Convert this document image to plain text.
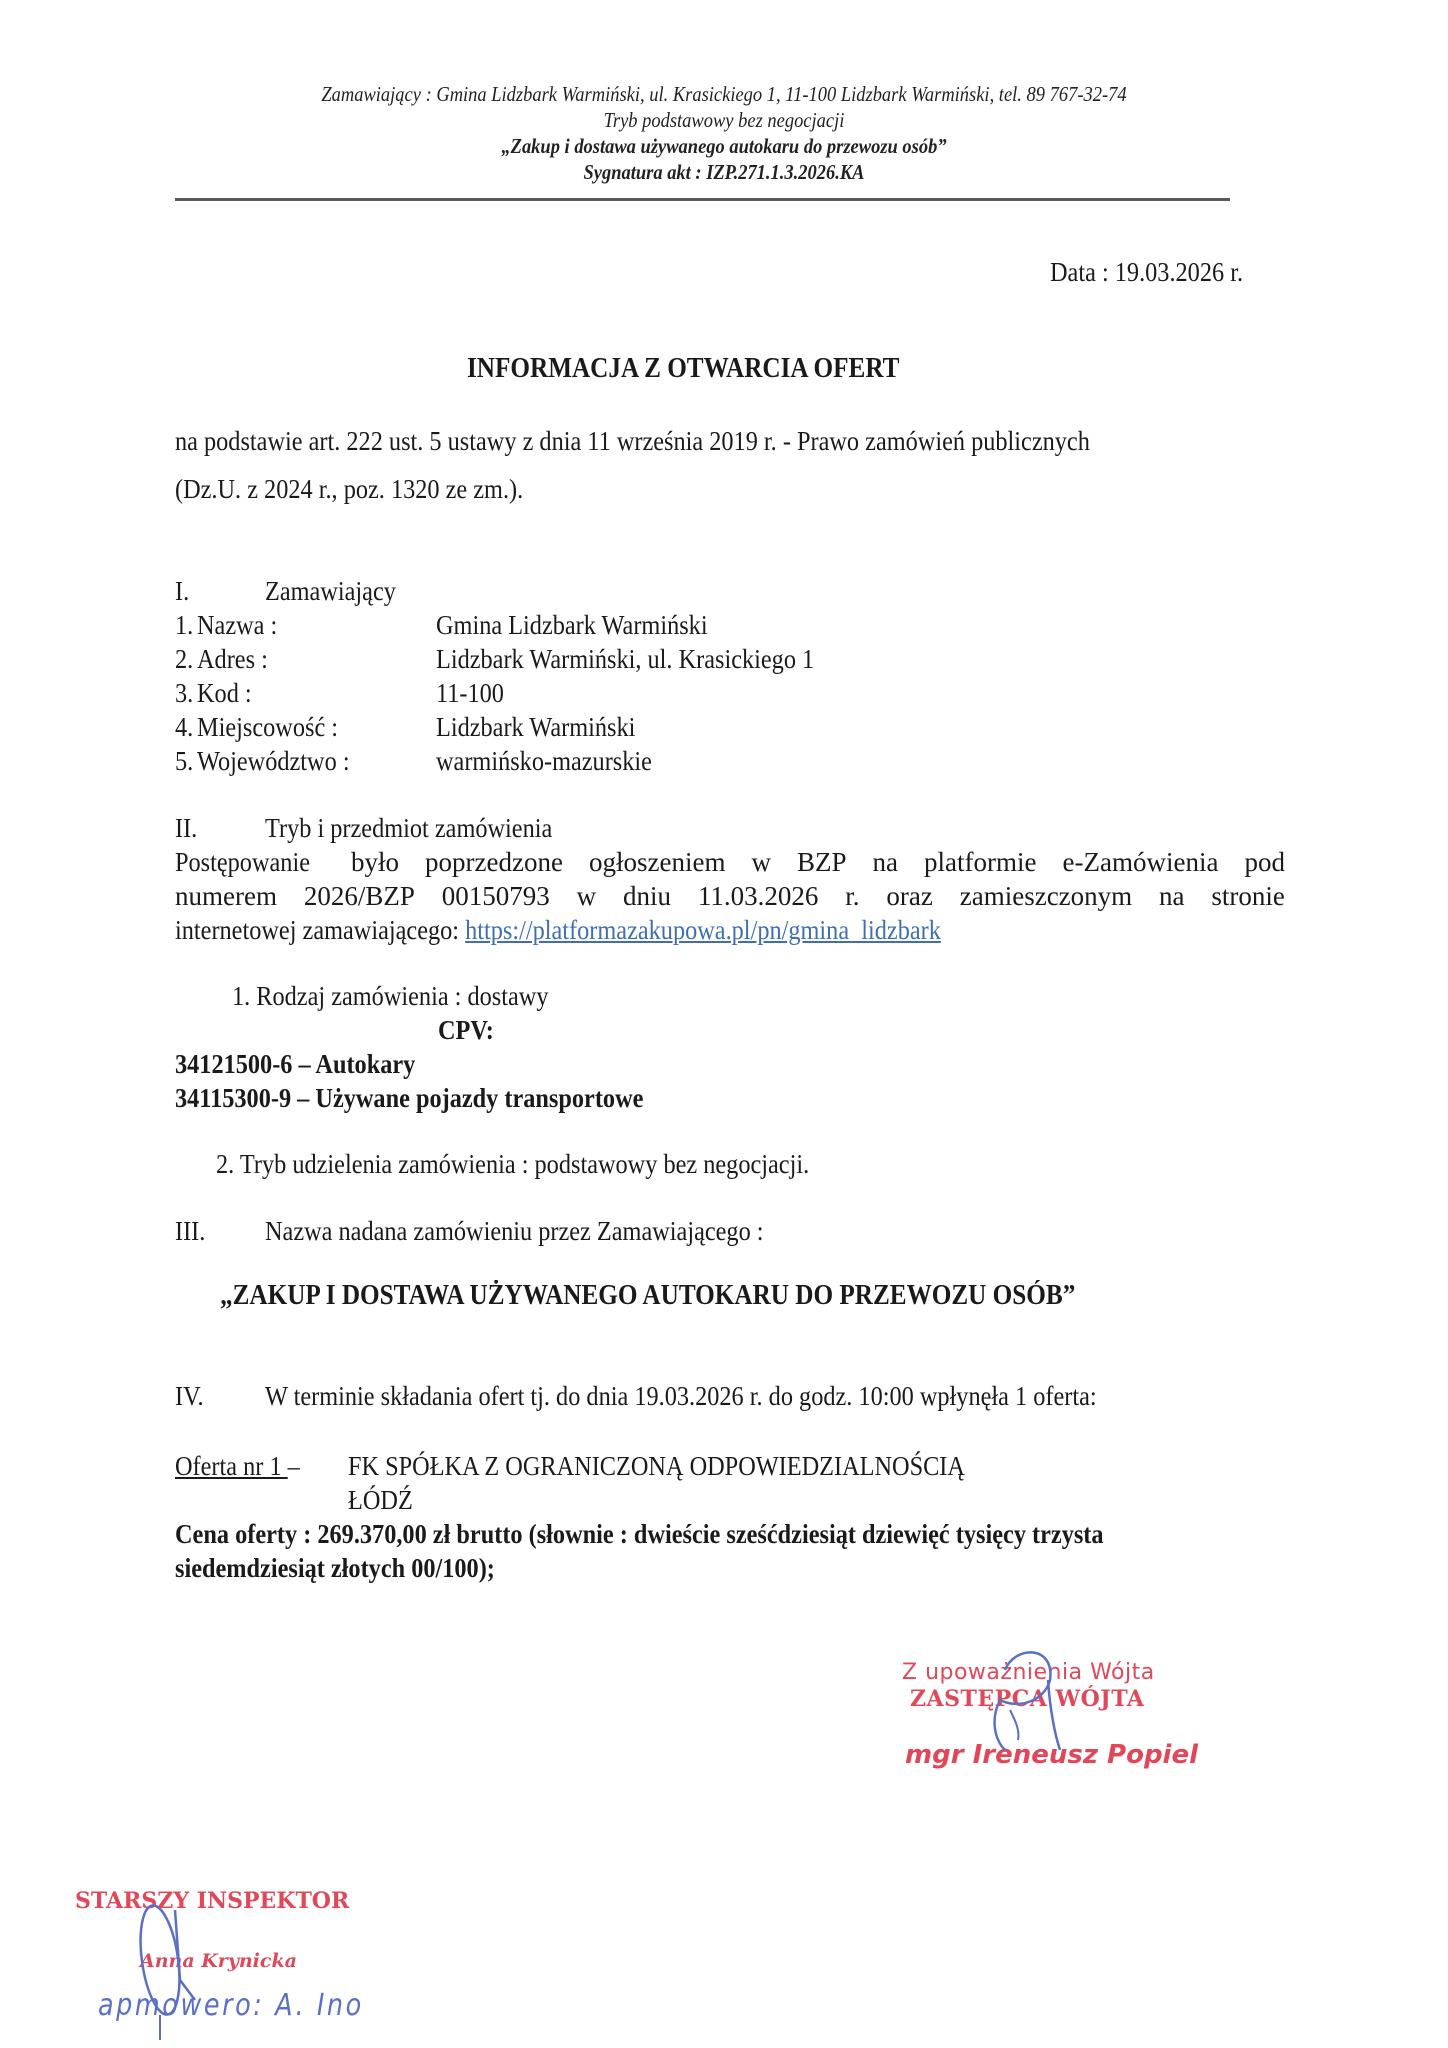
Zamawiający : Gmina Lidzbark Warmiński, ul. Krasickiego 1, 11-100 Lidzbark Warmiński, tel. 89 767-32-74
Tryb podstawowy bez negocjacji
„Zakup i dostawa używanego autokaru do przewozu osób”
Sygnatura akt : IZP.271.1.3.2026.KA
Data : 19.03.2026 r.
INFORMACJA Z OTWARCIA OFERT
na podstawie art. 222 ust. 5 ustawy z dnia 11 września 2019 r. - Prawo zamówień publicznych
(Dz.U. z 2024 r., poz. 1320 ze zm.).
I.	Zamawiający
1. Nazwa :	Gmina Lidzbark Warmiński
2. Adres :	Lidzbark Warmiński, ul. Krasickiego 1
3. Kod :	11-100
4. Miejscowość :	Lidzbark Warmiński
5. Województwo :	warmińsko-mazurskie
II.	Tryb i przedmiot zamówienia
Postępowanie było poprzedzone ogłoszeniem w BZP na platformie e-Zamówienia pod
numerem 2026/BZP 00150793 w dniu 11.03.2026 r. oraz zamieszczonym na stronie
internetowej zamawiającego: https://platformazakupowa.pl/pn/gmina_lidzbark
1. Rodzaj zamówienia : dostawy
CPV:
34121500-6 – Autokary
34115300-9 – Używane pojazdy transportowe
2. Tryb udzielenia zamówienia : podstawowy bez negocjacji.
III. Nazwa nadana zamówieniu przez Zamawiającego :
„ZAKUP I DOSTAWA UŻYWANEGO AUTOKARU DO PRZEWOZU OSÓB”
IV. W terminie składania ofert tj. do dnia 19.03.2026 r. do godz. 10:00 wpłynęła 1 oferta:
Oferta nr 1 – FK SPÓŁKA Z OGRANICZONĄ ODPOWIEDZIALNOŚCIĄ
ŁÓDŹ
Cena oferty : 269.370,00 zł brutto (słownie : dwieście sześćdziesiąt dziewięć tysięcy trzysta
siedemdziesiąt złotych 00/100);
Z upoważnienia Wójta
ZASTĘPCA WÓJTA
mgr Ireneusz Popiel
STARSZY INSPEKTOR
Anna Krynicka
apmowero: A. Ino
